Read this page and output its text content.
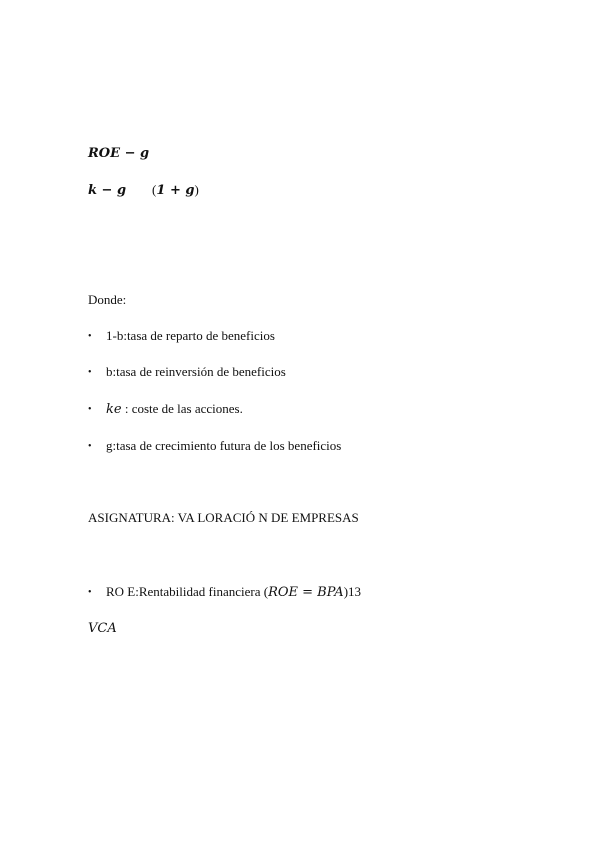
ROE − g
k − g (1 + g)
Donde:
• 1-b:tasa de reparto de beneficios
• b:tasa de reinversión de beneficios
• ke : coste de las acciones.
• g:tasa de crecimiento futura de los beneficios
ASIGNATURA: VA LORACIÓ N DE EMPRESAS
• RO E:Rentabilidad financiera (ROE = BPA)13
VCA
